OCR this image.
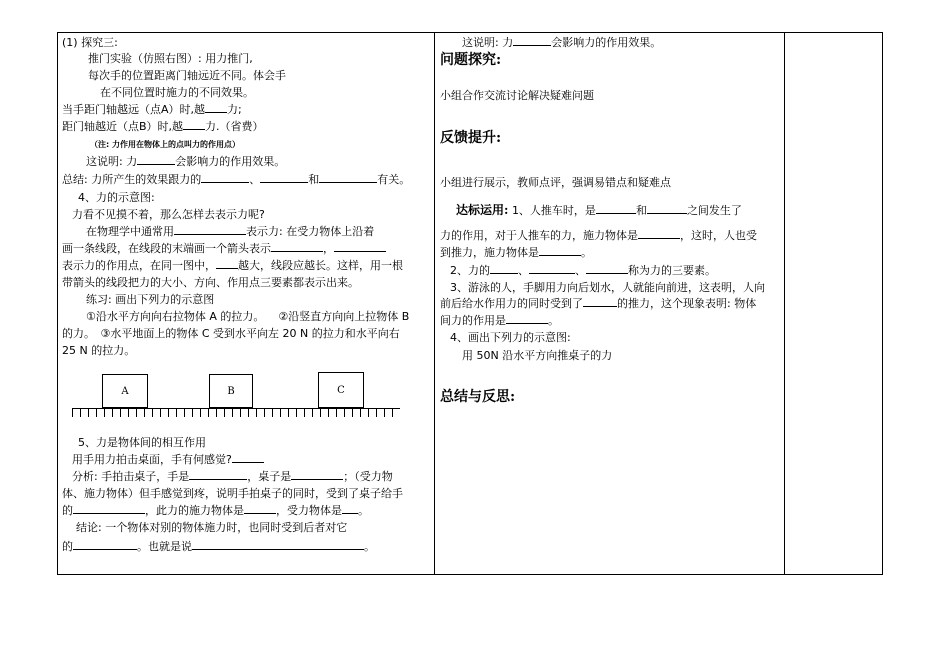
(1) 探究三:
推门实验（仿照右图）: 用力推门,
每次手的位置距离门轴远近不同。体会手
在不同位置时施力的不同效果。
当手距门轴越远（点A）时,越 力;
距门轴越近（点B）时,越 力.（省费）
（注: 力作用在物体上的点叫力的作用点）
这说明: 力	会影响力的作用效果。
总结: 力所产生的效果跟力的	、	和	有关。
4、力的示意图:
力看不见摸不着，那么怎样去表示力呢?
在物理学中通常用	表示力: 在受力物体上沿着
画一条线段，在线段的末端画一个箭头表示	，
表示力的作用点，在同一图中， 越大，线段应越长。这样，用一根
带箭头的线段把力的大小、方向、作用点三要素都表示出来。
练习: 画出下列力的示意图
①沿水平方向向右拉物体 A 的拉力。 ②沿竖直方向向上拉物体 B
的力。　③水平地面上的物体 C 受到水平向左 20 N 的拉力和水平向右
25 N 的拉力。
A	B	C
5、力是物体间的相互作用
用手用力拍击桌面，手有何感觉?
分析: 手拍击桌子，手是	，桌子是	；（受力物
体、施力物体）但手感觉到疼，说明手拍桌子的同时，受到了桌子给手
的	，此力的施力物体是	，受力物体是 。
结论: 一个物体对别的物体施力时，也同时受到后者对它
的	。也就是说	。
这说明: 力	会影响力的作用效果。
问题探究:
小组合作交流讨论解决疑难问题
反馈提升:
小组进行展示，教师点评，强调易错点和疑难点
达标运用: 1、人推车时，是	和	之间发生了
力的作用，对于人推车的力，施力物体是	，这时，人也受
到推力，施力物体是	。
2、力的	、	、	称为力的三要素。
3、游泳的人，手脚用力向后划水，人就能向前进，这表明，人向
前后给水作用力的同时受到了	的推力，这个现象表明: 物体
间力的作用是	。
4、画出下列力的示意图:
用 50N 沿水平方向推桌子的力
总结与反思:
